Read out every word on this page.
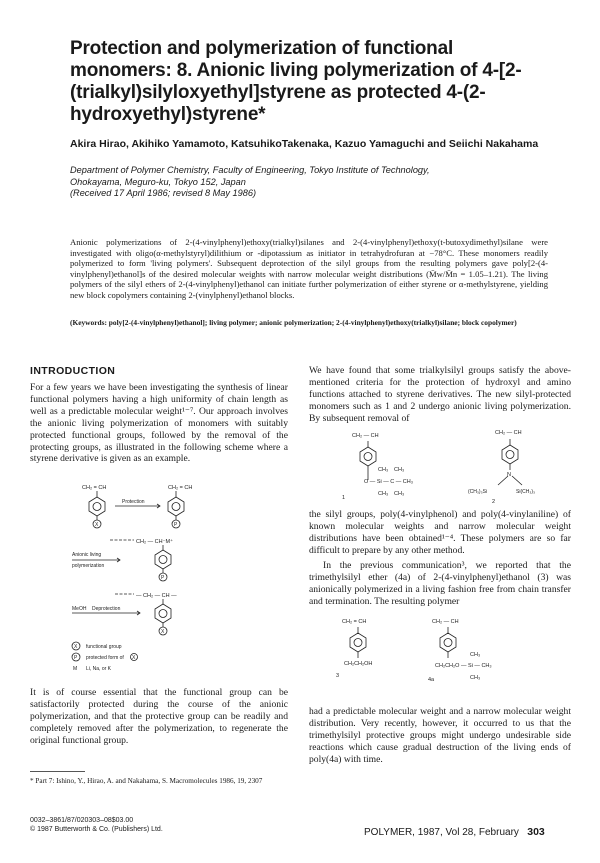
Protection and polymerization of functional monomers: 8. Anionic living polymerization of 4-[2-(trialkyl)silyloxyethyl]styrene as protected 4-(2-hydroxyethyl)styrene*

Akira Hirao, Akihiko Yamamoto, KatsuhikoTakenaka, Kazuo Yamaguchi and Seiichi Nakahama

Department of Polymer Chemistry, Faculty of Engineering, Tokyo Institute of Technology,
Ohokayama, Meguro-ku, Tokyo 152, Japan
(Received 17 April 1986; revised 8 May 1986)

Anionic polymerizations of 2-(4-vinylphenyl)ethoxy(trialkyl)silanes and 2-(4-vinylphenyl)ethoxy(t-butoxydimethyl)silane were investigated with oligo(α-methylstyryl)dilithium or -dipotassium as initiator in tetrahydrofuran at −78°C. These monomers readily polymerized to form 'living polymers'. Subsequent deprotection of the silyl groups from the resulting polymers gave poly[2-(4-vinylphenyl)ethanol]s of the desired molecular weights with narrow molecular weight distributions (M̄w/M̄n = 1.05–1.21). The living polymers of the silyl ethers of 2-(4-vinylphenyl)ethanol can initiate further polymerization of either styrene or α-methylstyrene, yielding new block copolymers containing 2-(vinylphenyl)ethanol blocks.

(Keywords: poly[2-(4-vinylphenyl)ethanol]; living polymer; anionic polymerization; 2-(4-vinylphenyl)ethoxy(trialkyl)silane; block copolymer)

INTRODUCTION

For a few years we have been investigating the synthesis of linear functional polymers having a high uniformity of chain length as well as a predictable molecular weight¹⁻⁷. Our approach involves the anionic living polymerization of monomers with suitably protected functional groups, followed by the removal of the protecting groups, as illustrated in the following scheme where a styrene derivative is given as an example.

CH₂ = CH	CH₂ = CH
X	P
Protection
CH₂ — CH⁻M⁺
Anionic living
polymerization
P
— CH₂ — CH —
MeOH Deprotection
X
X
P	X
functional group
protected form of
M Li, Na, or K

It is of course essential that the functional group can be satisfactorily protected during the course of the anionic polymerization, and that the protective group can be readily and completely removed after the polymerization, to regenerate the original functional group.

* Part 7: Ishino, Y., Hirao, A. and Nakahama, S. Macromolecules 1986, 19, 2307

0032–3861/87/020303–08$03.00
© 1987 Butterworth & Co. (Publishers) Ltd.

We have found that some trialkylsilyl groups satisfy the above-mentioned criteria for the protection of hydroxyl and amino functions attached to styrene derivatives. The new silyl-protected monomers such as 1 and 2 undergo anionic living polymerization. By subsequent removal of

CH₂ — CH
CH₃ CH₃
O — Si — C — CH₃
CH₃ CH₃
1
CH₂ — CH
N
(CH₃)₃Si	Si(CH₃)₃
2

the silyl groups, poly(4-vinylphenol) and poly(4-vinylaniline) of known molecular weights and narrow molecular weight distributions have been obtained¹⁻⁴. These polymers are so far difficult to prepare by any other method.

In the previous communication³, we reported that the trimethylsilyl ether (4a) of 2-(4-vinylphenyl)ethanol (3) was anionically polymerized in a living fashion free from chain transfer and termination. The resulting polymer

CH₂ = CH
CH₂CH₂OH
3
CH₂ — CH
CH₃
CH₂CH₂O — Si — CH₃
CH₃
4a

had a predictable molecular weight and a narrow molecular weight distribution. Very recently, however, it occurred to us that the trimethylsilyl protective groups might undergo undesirable side reactions which cause gradual destruction of the living ends of poly(4a) with time.

POLYMER, 1987, Vol 28, February 303
